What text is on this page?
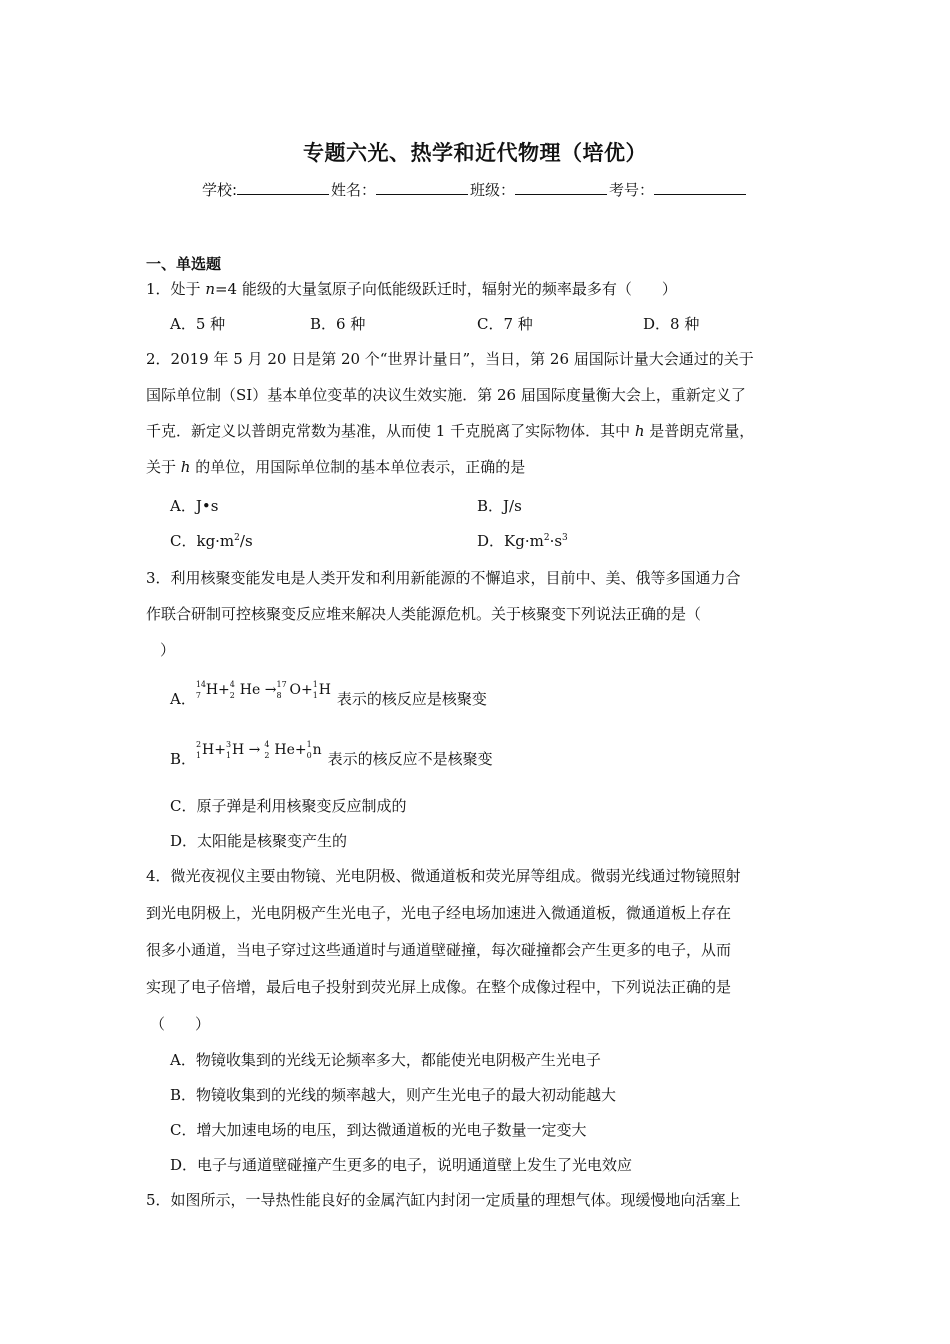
专题六光、热学和近代物理（培优）
学校:	姓名：	班级：	考号：
一、单选题
1．处于 n=4 能级的大量氢原子向低能级跃迁时，辐射光的频率最多有（　　）
A．5 种	B．6 种	C．7 种	D．8 种
2．2019 年 5 月 20 日是第 20 个“世界计量日”，当日，第 26 届国际计量大会通过的关于
国际单位制（SI）基本单位变革的决议生效实施．第 26 届国际度量衡大会上，重新定义了
千克．新定义以普朗克常数为基准，从而使 1 千克脱离了实际物体．其中 h 是普朗克常量，
关于 h 的单位，用国际单位制的基本单位表示，正确的是
A．J•s	B．J/s
C．$kg\cdot m^2/s$	D．$Kg\cdot m^2\cdot s^3$
3．利用核聚变能发电是人类开发和利用新能源的不懈追求，目前中、美、俄等多国通力合
作联合研制可控核聚变反应堆来解决人类能源危机。关于核聚变下列说法正确的是（
）
A．
14
7 H+ 4
2 He → 17
8 O+ 1
1 H 表示的核反应是核聚变
B．
2
1 H+ 3
1 H → 4
2 He+ 1
0 n 表示的核反应不是核聚变
C．原子弹是利用核聚变反应制成的
D．太阳能是核聚变产生的
4．微光夜视仪主要由物镜、光电阴极、微通道板和荧光屏等组成。微弱光线通过物镜照射
到光电阴极上，光电阴极产生光电子，光电子经电场加速进入微通道板，微通道板上存在
很多小通道，当电子穿过这些通道时与通道壁碰撞，每次碰撞都会产生更多的电子，从而
实现了电子倍增，最后电子投射到荧光屏上成像。在整个成像过程中，下列说法正确的是
（　　）
A．物镜收集到的光线无论频率多大，都能使光电阴极产生光电子
B．物镜收集到的光线的频率越大，则产生光电子的最大初动能越大
C．增大加速电场的电压，到达微通道板的光电子数量一定变大
D．电子与通道壁碰撞产生更多的电子，说明通道壁上发生了光电效应
5．如图所示，一导热性能良好的金属汽缸内封闭一定质量的理想气体。现缓慢地向活塞上
